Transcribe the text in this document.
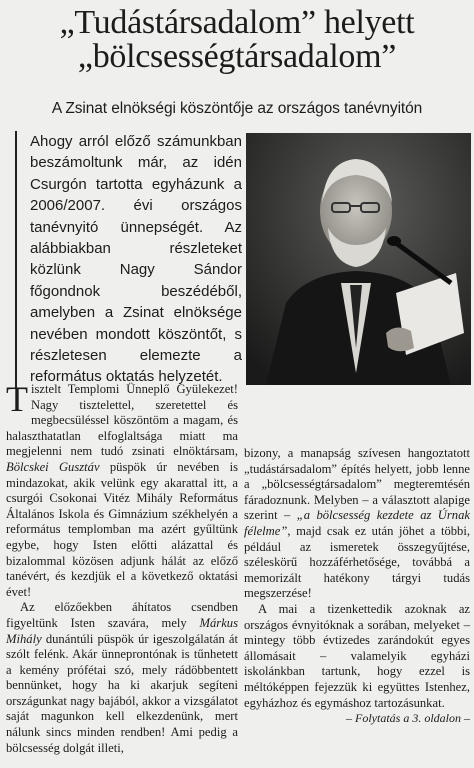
„Tudástársadalom” helyett
„bölcsességtársadalom”
A Zsinat elnökségi köszöntője az országos tanévnyitón
Ahogy arról előző számunkban beszámoltunk már, az idén Csurgón tartotta egyházunk a 2006/2007. évi országos tanévnyitó ünnepségét. Az alábbiakban részleteket közlünk Nagy Sándor főgondnok beszédéből, amelyben a Zsinat elnöksége nevében mondott köszöntőt, s részletesen elemezte a református oktatás helyzetét.

Tisztelt Templomi Ünneplő Gyülekezet! Nagy tisztelettel, szeretettel és megbecsüléssel köszöntöm a magam, és halaszthatatlan elfoglaltsága miatt ma megjelenni nem tudó zsinati elnöktársam, Bölcskei Gusztáv püspök úr nevében is mindazokat, akik velünk egy akarattal itt, a csurgói Csokonai Vitéz Mihály Református Általános Iskola és Gimnázium székhelyén a református templomban ma azért gyűltünk egybe, hogy Isten előtti alázattal és bizalommal közösen adjunk hálát az előző tanévért, és kezdjük el a következő oktatási évet!

Az előzőekben áhítatos csendben figyeltünk Isten szavára, mely Márkus Mihály dunántúli püspök úr igeszolgálatán át szólt felénk. Akár ünneprontónak is tűnhetett a kemény prófétai szó, mely rádöbbentett bennünket, hogy ha ki akarjuk segíteni országunkat nagy bajából, akkor a vizsgálatot saját magunkon kell elkezdenünk, mert nálunk sincs minden rendben! Ami pedig a bölcsesség dolgát illeti,

bizony, a manapság szívesen hangoztatott „tudástársadalom” építés helyett, jobb lenne a „bölcsességtársadalom” megteremtésén fáradoznunk. Melyben – a választott alapige szerint – „a bölcsesség kezdete az Úrnak félelme”, majd csak ez után jöhet a többi, például az ismeretek összegyűjtése, széleskörű hozzáférhetősége, továbbá a memorizált hatékony tárgyi tudás megszerzése!

A mai a tizenkettedik azoknak az országos évnyitóknak a sorában, melyeket – mintegy több évtizedes zarándokút egyes állomásait – valamelyik egyházi iskolánkban tartunk, hogy ezzel is méltóképpen fejezzük ki együttes Istenhez, egyházhoz és egymáshoz tartozásunkat.

– Folytatás a 3. oldalon –
